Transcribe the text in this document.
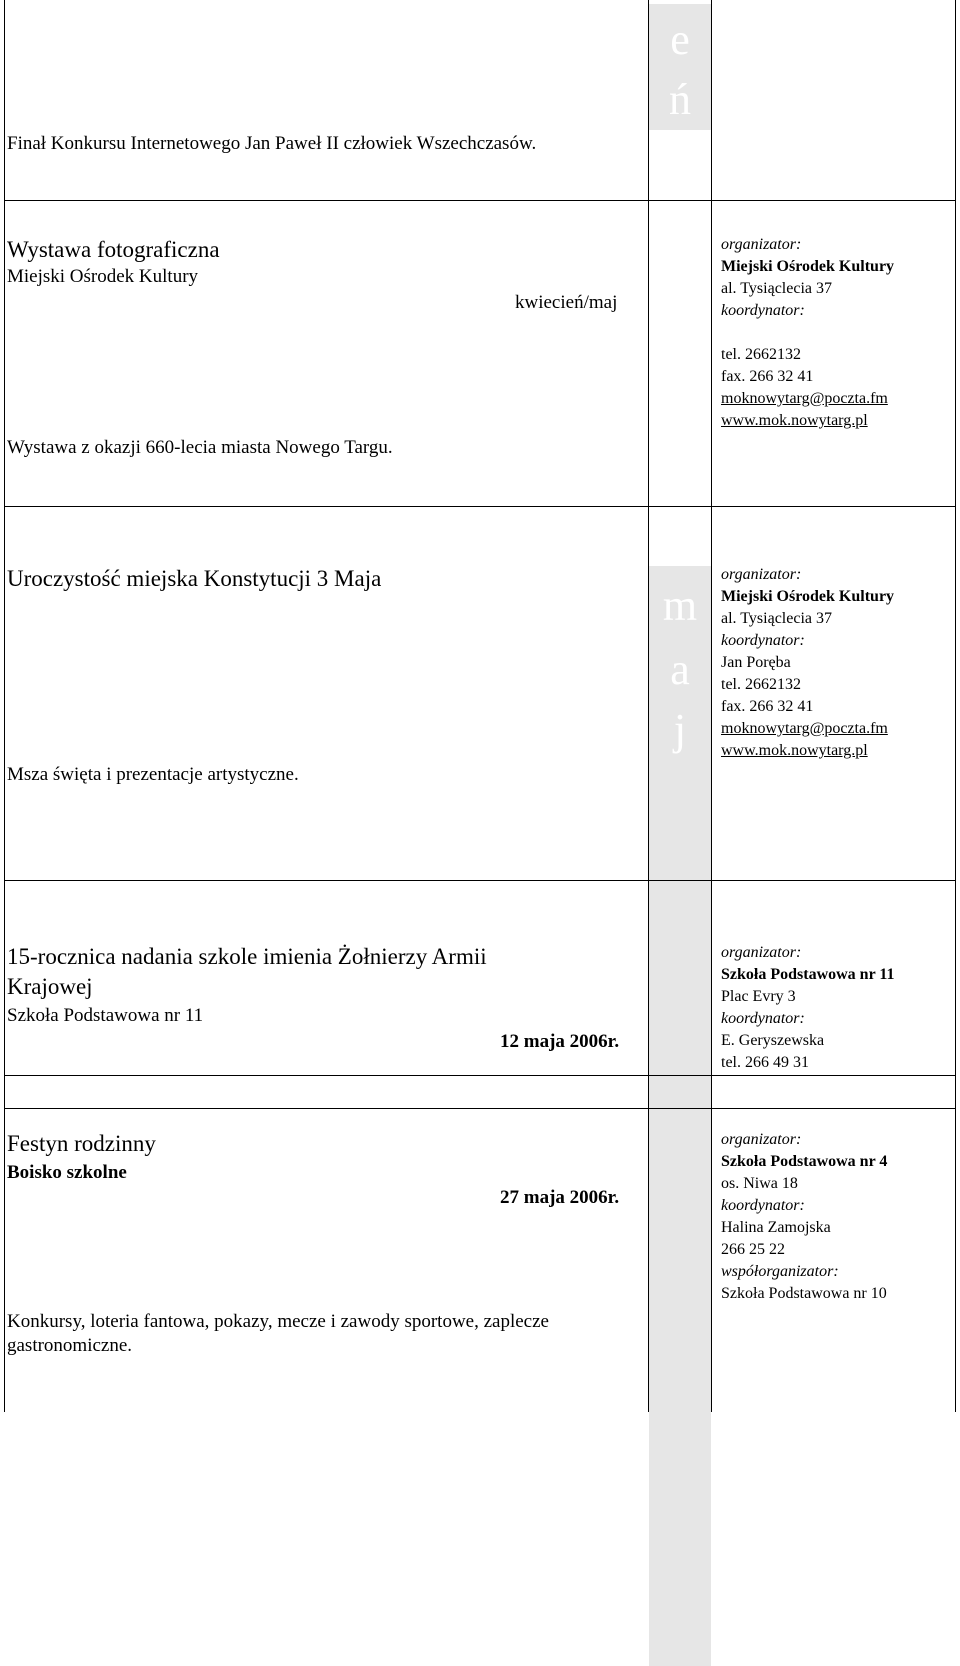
e
ń
m
a
j
Finał Konkursu Internetowego Jan Paweł II człowiek Wszechczasów.
Wystawa fotograficzna
Miejski Ośrodek Kultury
kwiecień/maj
Wystawa z okazji 660-lecia miasta Nowego Targu.
organizator:
Miejski Ośrodek Kultury
al. Tysiąclecia 37
koordynator:
tel. 2662132
fax. 266 32 41
moknowytarg@poczta.fm
www.mok.nowytarg.pl
Uroczystość miejska Konstytucji 3 Maja
Msza święta i prezentacje artystyczne.
organizator:
Miejski Ośrodek Kultury
al. Tysiąclecia 37
koordynator:
Jan Poręba
tel. 2662132
fax. 266 32 41
moknowytarg@poczta.fm
www.mok.nowytarg.pl
15-rocznica nadania szkole imienia Żołnierzy Armii
Krajowej
Szkoła Podstawowa nr 11
12 maja 2006r.
organizator:
Szkoła Podstawowa nr 11
Plac Evry 3
koordynator:
E. Geryszewska
tel. 266 49 31
Festyn rodzinny
Boisko szkolne
27 maja 2006r.
Konkursy, loteria fantowa, pokazy, mecze i zawody sportowe, zaplecze
gastronomiczne.
organizator:
Szkoła Podstawowa nr 4
os. Niwa 18
koordynator:
Halina Zamojska
266 25 22
współorganizator:
Szkoła Podstawowa nr 10
